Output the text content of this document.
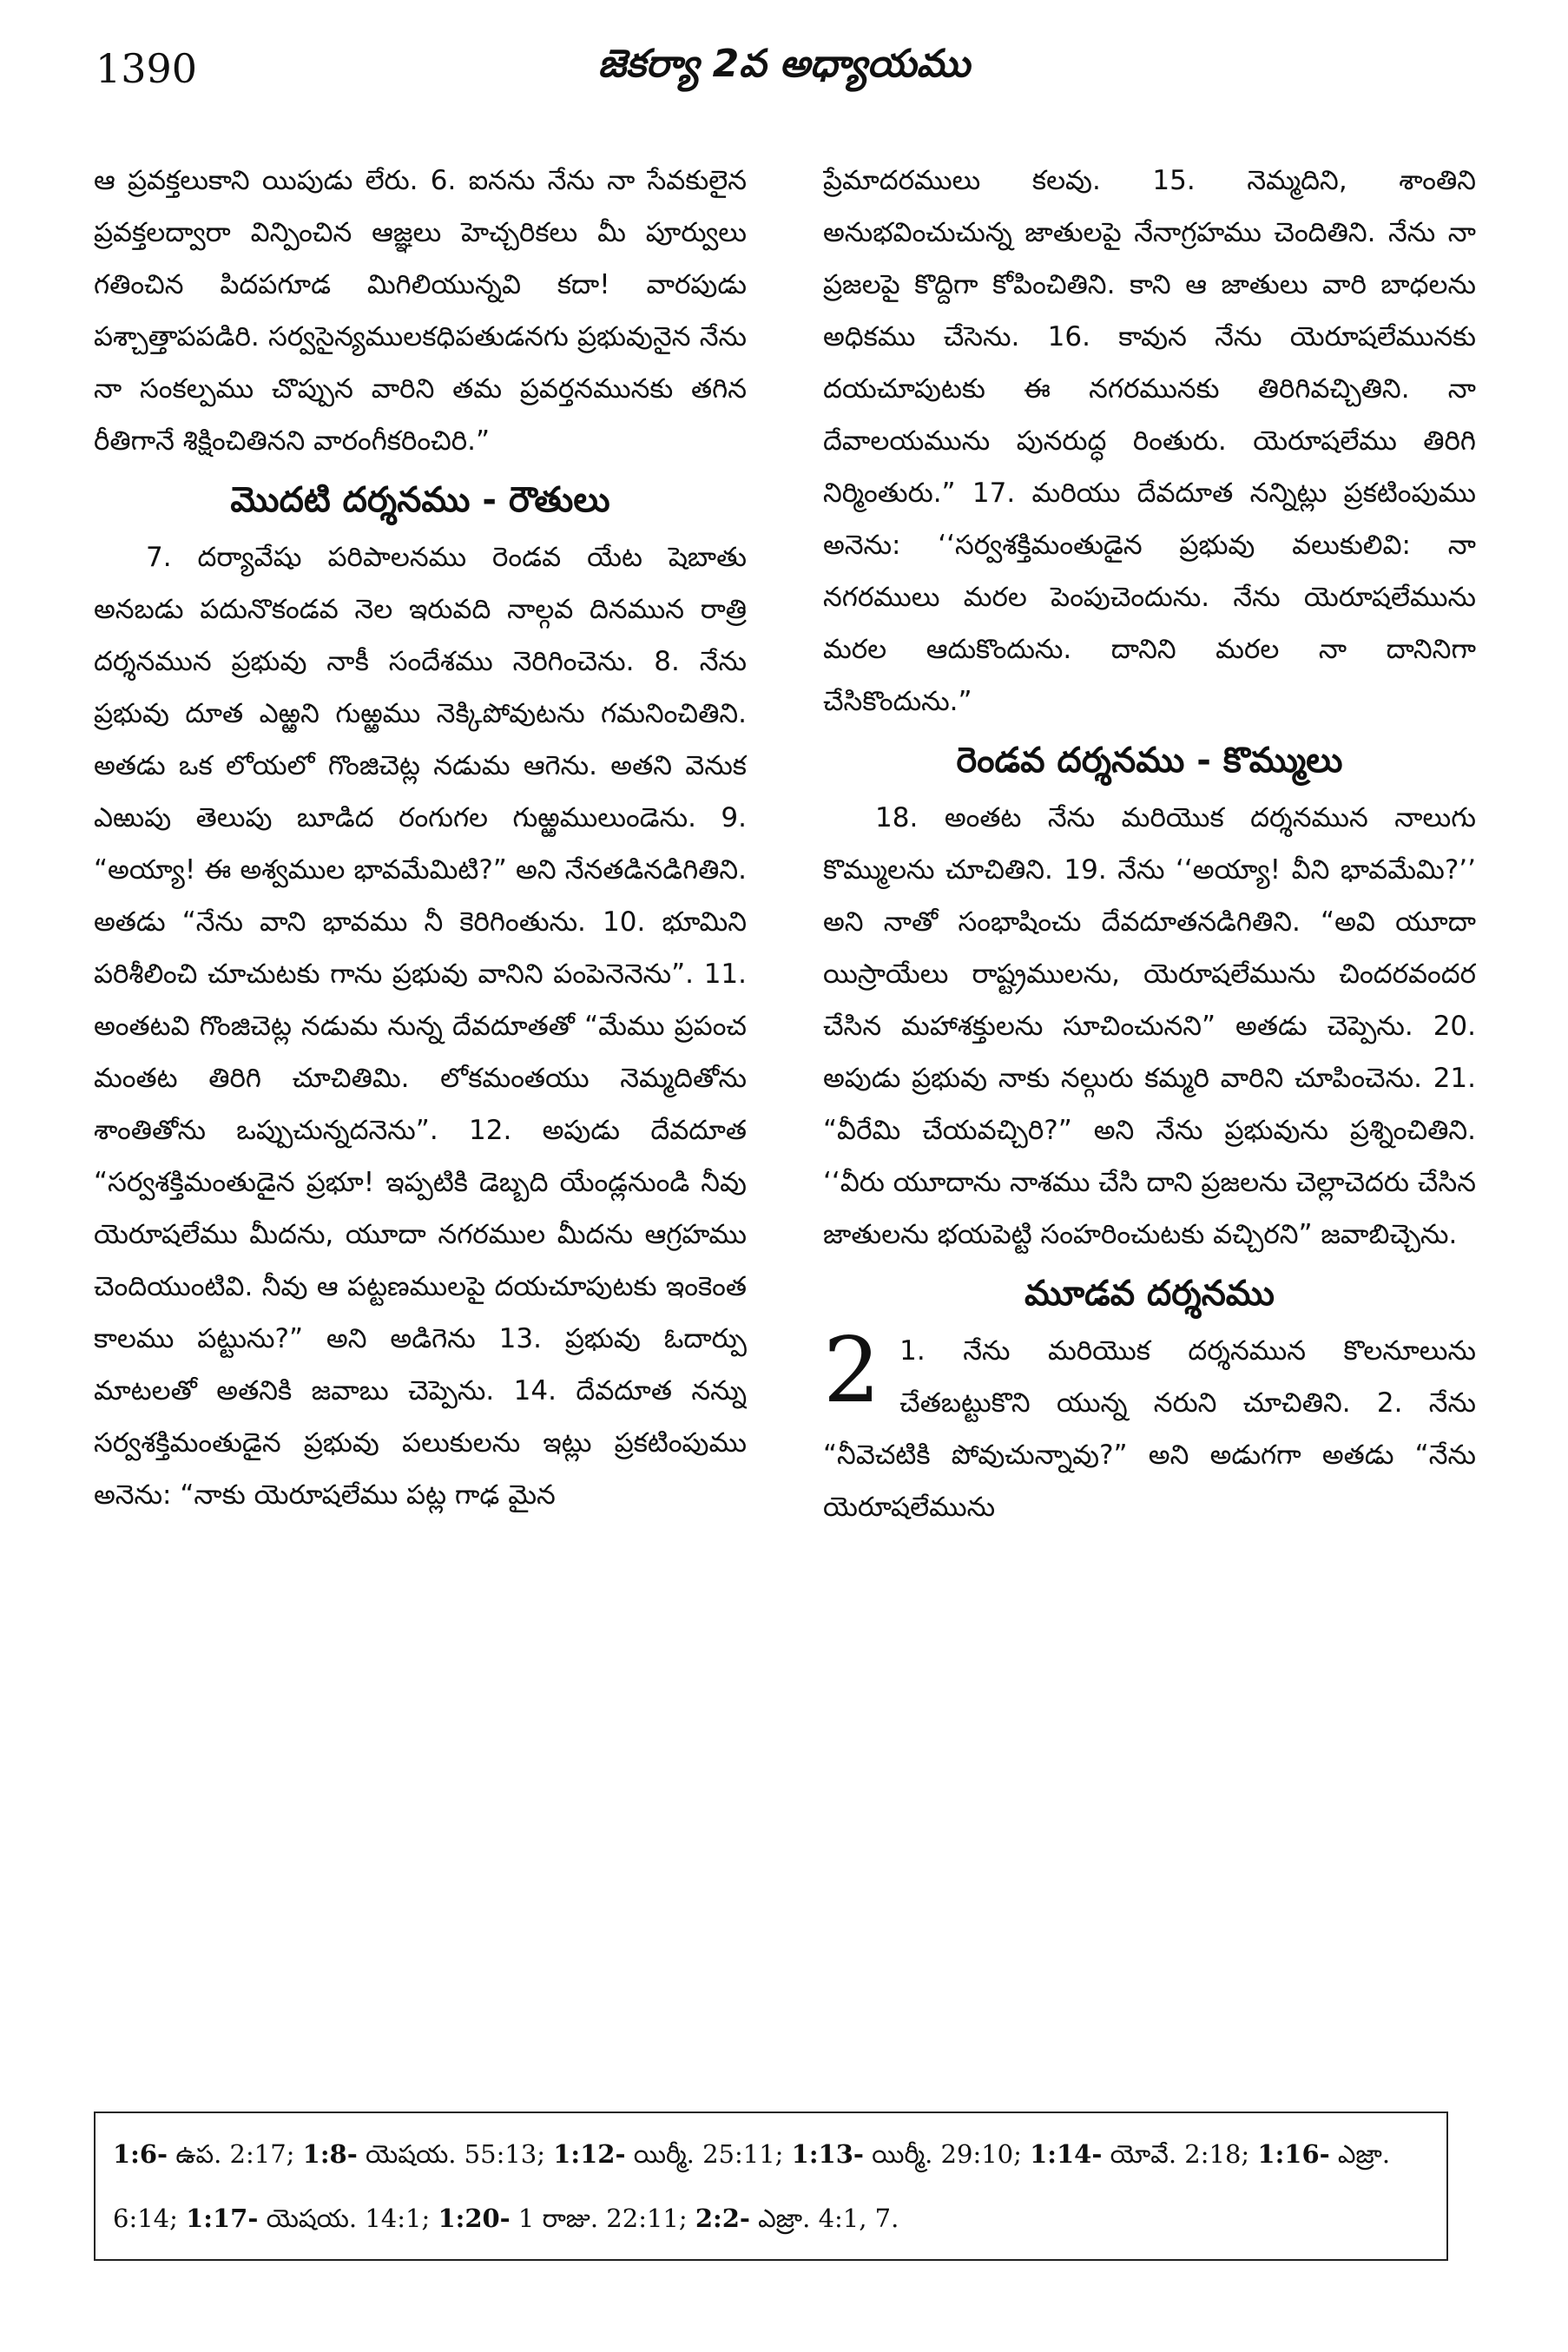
1390	జెకర్యా 2వ అధ్యాయము

ఆ ప్రవక్తలుకాని యిపుడు లేరు. 6. ఐనను నేను నా సేవకులైన ప్రవక్తలద్వారా విన్పించిన ఆజ్ఞలు హెచ్చరికలు మీ పూర్వులు గతించిన పిదపగూడ మిగిలియున్నవి కదా! వారపుడు పశ్చాత్తాపపడిరి. సర్వసైన్యములకధిపతుడనగు ప్రభువునైన నేను నా సంకల్పము చొప్పున వారిని తమ ప్రవర్తనమునకు తగిన రీతిగానే శిక్షించితినని వారంగీకరించిరి.”

మొదటి దర్శనము - రౌతులు

7. దర్యావేషు పరిపాలనము రెండవ యేట షెబాతు అనబడు పదునొకండవ నెల ఇరువది నాల్గవ దినమున రాత్రి దర్శనమున ప్రభువు నాకీ సందేశము నెరిగించెను. 8. నేను ప్రభువు దూత ఎఱ్ఱని గుఱ్ఱము నెక్కిపోవుటను గమనించితిని. అతడు ఒక లోయలో గొంజిచెట్ల నడుమ ఆగెను. అతని వెనుక ఎఱుపు తెలుపు బూడిద రంగుగల గుఱ్ఱములుండెను. 9. “అయ్యా! ఈ అశ్వముల భావమేమిటి?” అని నేనతడినడిగితిని. అతడు “నేను వాని భావము నీ కెరిగింతును. 10. భూమిని పరిశీలించి చూచుటకు గాను ప్రభువు వానిని పంపెనెనెను”. 11. అంతటవి గొంజిచెట్ల నడుమ నున్న దేవదూతతో “మేము ప్రపంచ మంతట తిరిగి చూచితిమి. లోకమంతయు నెమ్మదితోను శాంతితోను ఒప్పుచున్నదనెను”. 12. అపుడు దేవదూత “సర్వశక్తిమంతుడైన ప్రభూ! ఇప్పటికి డెబ్బది యేండ్లనుండి నీవు యెరూషలేము మీదను, యూదా నగరముల మీదను ఆగ్రహము చెందియుంటివి. నీవు ఆ పట్టణములపై దయచూపుటకు ఇంకెంత కాలము పట్టును?” అని అడిగెను 13. ప్రభువు ఓదార్పు మాటలతో అతనికి జవాబు చెప్పెను. 14. దేవదూత నన్ను సర్వశక్తిమంతుడైన ప్రభువు పలుకులను ఇట్లు ప్రకటింపుము అనెను: “నాకు యెరూషలేము పట్ల గాఢ మైన

ప్రేమాదరములు కలవు. 15. నెమ్మదిని, శాంతిని అనుభవించుచున్న జాతులపై నేనాగ్రహము చెందితిని. నేను నా ప్రజలపై కొద్దిగా కోపించితిని. కాని ఆ జాతులు వారి బాధలను అధికము చేసెను. 16. కావున నేను యెరూషలేమునకు దయచూపుటకు ఈ నగరమునకు తిరిగివచ్చితిని. నా దేవాలయమును పునరుద్ధ రింతురు. యెరూషలేము తిరిగి నిర్మింతురు.” 17. మరియు దేవదూత నన్నిట్లు ప్రకటింపుము అనెను: ‘‘సర్వశక్తిమంతుడైన ప్రభువు వలుకులివి: నా నగరములు మరల పెంపుచెందును. నేను యెరూషలేమును మరల ఆదుకొందును. దానిని మరల నా దానినిగా చేసికొందును.”

రెండవ దర్శనము - కొమ్ములు

18. అంతట నేను మరియొక దర్శనమున నాలుగు కొమ్ములను చూచితిని. 19. నేను ‘‘అయ్యా! వీని భావమేమి?’’ అని నాతో సంభాషించు దేవదూతనడిగితిని. “అవి యూదా యిస్రాయేలు రాష్ట్రములను, యెరూషలేమును చిందరవందర చేసిన మహాశక్తులను సూచించునని” అతడు చెప్పెను. 20. అపుడు ప్రభువు నాకు నల్గురు కమ్మరి వారిని చూపించెను. 21. “వీరేమి చేయవచ్చిరి?” అని నేను ప్రభువును ప్రశ్నించితిని. ‘‘వీరు యూదాను నాశము చేసి దాని ప్రజలను చెల్లాచెదరు చేసిన జాతులను భయపెట్టి సంహరించుటకు వచ్చిరని” జవాబిచ్చెను.

మూడవ దర్శనము
2 1. నేను మరియొక దర్శనమున కొలనూలును చేతబట్టుకొని యున్న నరుని చూచితిని. 2. నేను “నీవెచటికి పోవుచున్నావు?” అని అడుగగా అతడు “నేను యెరూషలేమును

1:6- ఉప. 2:17; 1:8- యెషయ. 55:13; 1:12- యిర్మీ. 25:11; 1:13- యిర్మీ. 29:10; 1:14- యోవే. 2:18; 1:16- ఎజ్రా. 6:14; 1:17- యెషయ. 14:1; 1:20- 1 రాజు. 22:11; 2:2- ఎజ్రా. 4:1, 7.
